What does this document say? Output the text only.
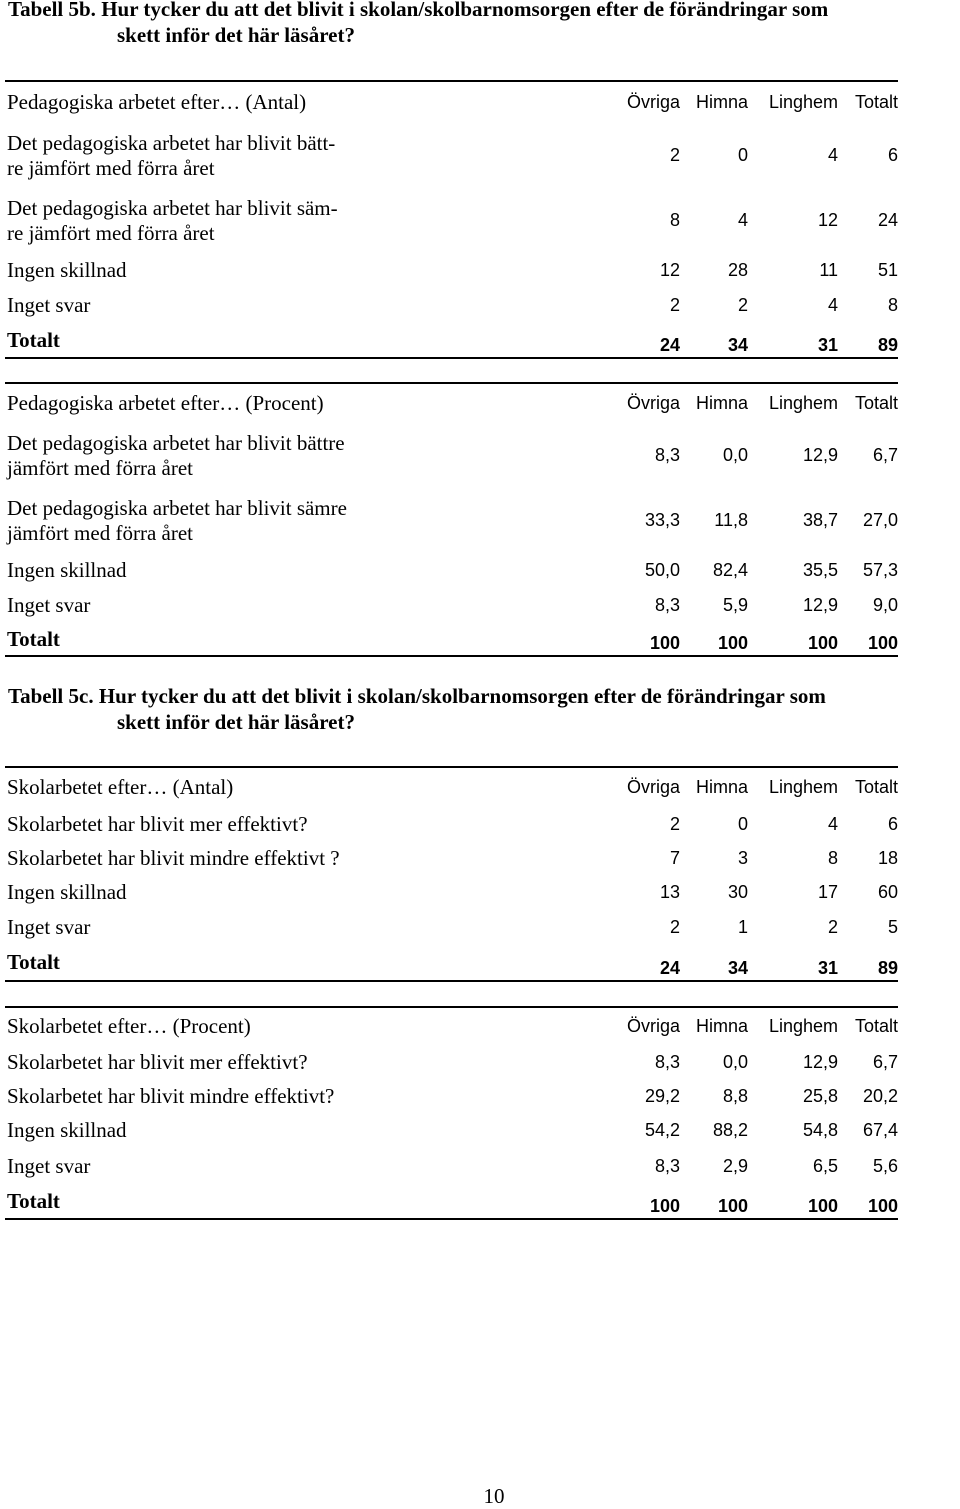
Tabell 5b. Hur tycker du att det blivit i skolan/skolbarnomsorgen efter de förändringar som
skett inför det här läsåret?

Pedagogiska arbetet efter… (Antal)	Övriga	Himna	Linghem	Totalt

Det pedagogiska arbetet har blivit bätt-
re jämfört med förra året	2	0	4	6

Det pedagogiska arbetet har blivit säm-
re jämfört med förra året	8	4	12	24
Ingen skillnad	12	28	11	51
Inget svar	2	2	4	8
Totalt	24	34	31	89
Pedagogiska arbetet efter… (Procent)	Övriga	Himna	Linghem	Totalt

Det pedagogiska arbetet har blivit bättre
jämfört med förra året	8,3	0,0	12,9	6,7

Det pedagogiska arbetet har blivit sämre
jämfört med förra året	33,3	11,8	38,7	27,0
Ingen skillnad	50,0	82,4	35,5	57,3
Inget svar	8,3	5,9	12,9	9,0
Totalt	100	100	100	100

Tabell 5c. Hur tycker du att det blivit i skolan/skolbarnomsorgen efter de förändringar som
skett inför det här läsåret?

Skolarbetet efter… (Antal)	Övriga	Himna	Linghem	Totalt
Skolarbetet har blivit mer effektivt?	2	0	4	6
Skolarbetet har blivit mindre effektivt ?	7	3	8	18
Ingen skillnad	13	30	17	60
Inget svar	2	1	2	5
Totalt	24	34	31	89
Skolarbetet efter… (Procent)	Övriga	Himna	Linghem	Totalt
Skolarbetet har blivit mer effektivt?	8,3	0,0	12,9	6,7
Skolarbetet har blivit mindre effektivt?	29,2	8,8	25,8	20,2
Ingen skillnad	54,2	88,2	54,8	67,4
Inget svar	8,3	2,9	6,5	5,6
Totalt	100	100	100	100
10
